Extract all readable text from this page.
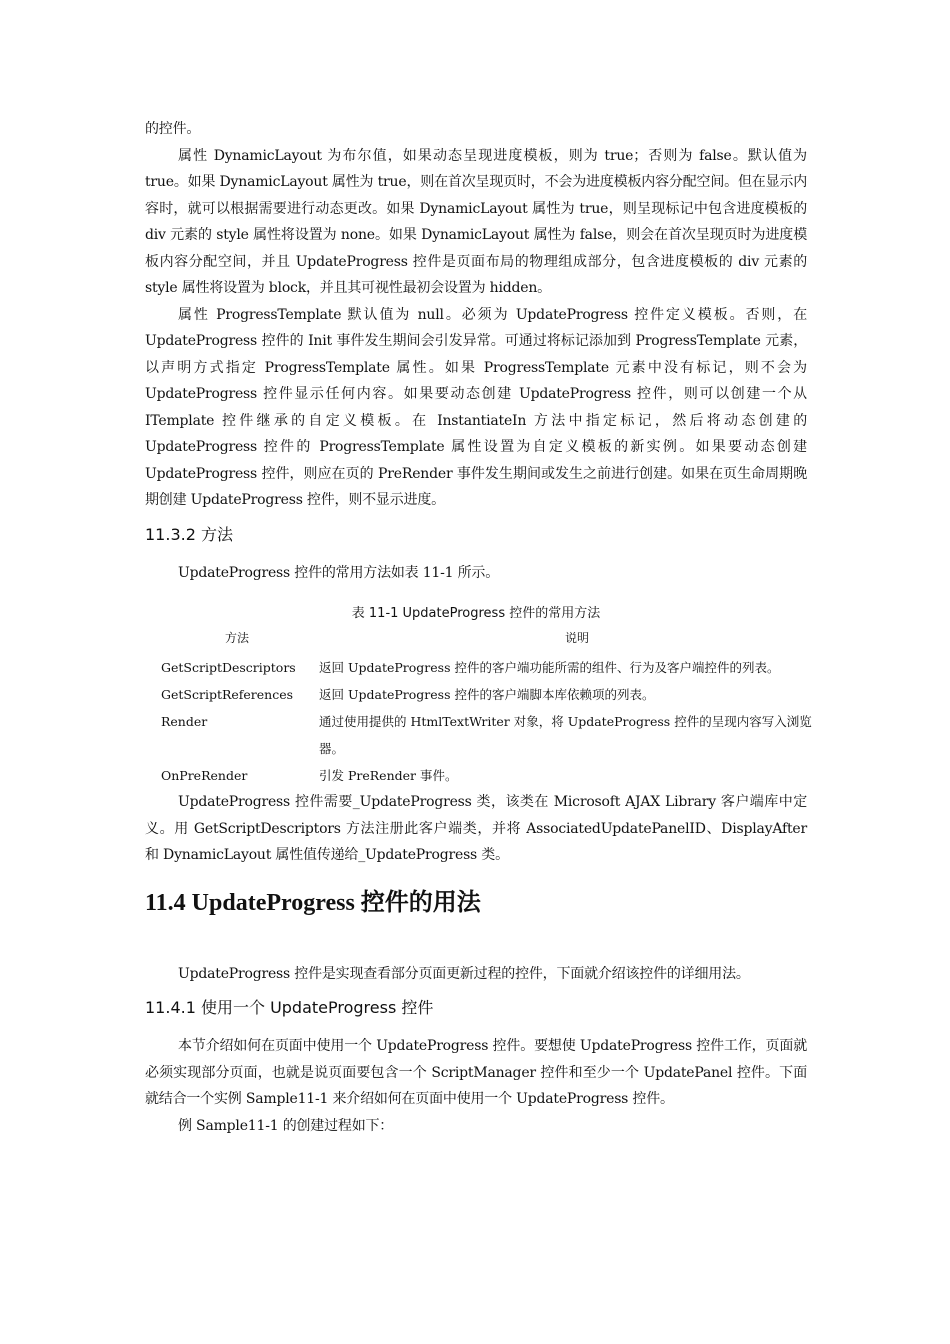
的控件。

属性 DynamicLayout 为布尔值，如果动态呈现进度模板，则为 true；否则为 false。默认值为 true。如果 DynamicLayout 属性为 true，则在首次呈现页时，不会为进度模板内容分配空间。但在显示内容时，就可以根据需要进行动态更改。如果 DynamicLayout 属性为 true，则呈现标记中包含进度模板的 div 元素的 style 属性将设置为 none。如果 DynamicLayout 属性为 false，则会在首次呈现页时为进度模板内容分配空间，并且 UpdateProgress 控件是页面布局的物理组成部分，包含进度模板的 div 元素的 style 属性将设置为 block，并且其可视性最初会设置为 hidden。

属性 ProgressTemplate 默认值为 null。必须为 UpdateProgress 控件定义模板。否则，在 UpdateProgress 控件的 Init 事件发生期间会引发异常。可通过将标记添加到 ProgressTemplate 元素，以声明方式指定 ProgressTemplate 属性。如果 ProgressTemplate 元素中没有标记，则不会为 UpdateProgress 控件显示任何内容。如果要动态创建 UpdateProgress 控件，则可以创建一个从 ITemplate 控件继承的自定义模板。在 InstantiateIn 方法中指定标记，然后将动态创建的 UpdateProgress 控件的 ProgressTemplate 属性设置为自定义模板的新实例。如果要动态创建 UpdateProgress 控件，则应在页的 PreRender 事件发生期间或发生之前进行创建。如果在页生命周期晚期创建 UpdateProgress 控件，则不显示进度。

11.3.2 方法

UpdateProgress 控件的常用方法如表 11-1 所示。

表 11-1 UpdateProgress 控件的常用方法
方法	说明
GetScriptDescriptors	返回 UpdateProgress 控件的客户端功能所需的组件、行为及客户端控件的列表。
GetScriptReferences	返回 UpdateProgress 控件的客户端脚本库依赖项的列表。
Render	通过使用提供的 HtmlTextWriter 对象，将 UpdateProgress 控件的呈现内容写入浏览器。
OnPreRender	引发 PreRender 事件。

UpdateProgress 控件需要_UpdateProgress 类，该类在 Microsoft AJAX Library 客户端库中定义。用 GetScriptDescriptors 方法注册此客户端类，并将 AssociatedUpdatePanelID、DisplayAfter 和 DynamicLayout 属性值传递给_UpdateProgress 类。

11.4 UpdateProgress 控件的用法

UpdateProgress 控件是实现查看部分页面更新过程的控件，下面就介绍该控件的详细用法。

11.4.1 使用一个 UpdateProgress 控件

本节介绍如何在页面中使用一个 UpdateProgress 控件。要想使 UpdateProgress 控件工作，页面就必须实现部分页面，也就是说页面要包含一个 ScriptManager 控件和至少一个 UpdatePanel 控件。下面就结合一个实例 Sample11-1 来介绍如何在页面中使用一个 UpdateProgress 控件。

例 Sample11-1 的创建过程如下：
